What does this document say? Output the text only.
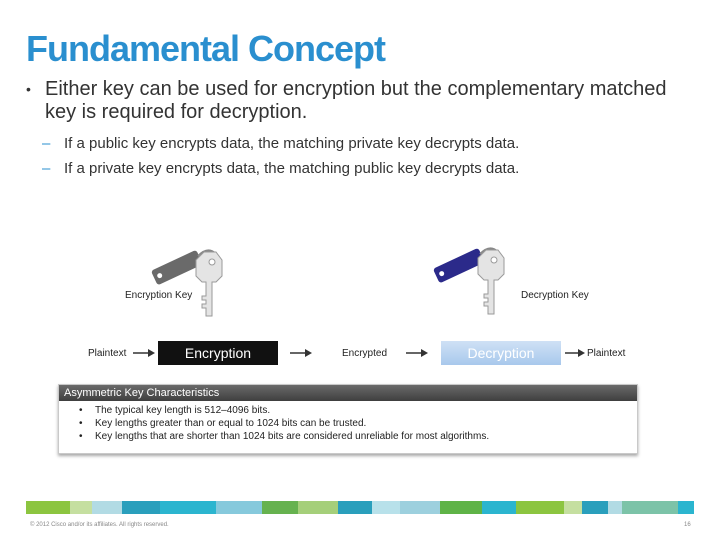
Fundamental Concept
• Either key can be used for encryption but the complementary matched key is required for decryption.
– If a public key encrypts data, the matching private key decrypts data.
– If a private key encrypts data, the matching public key decrypts data.
Encryption Key	Decryption Key
Plaintext	Encryption	Encrypted	Decryption	Plaintext
Asymmetric Key Characteristics
• The typical key length is 512–4096 bits.
• Key lengths greater than or equal to 1024 bits can be trusted.
• Key lengths that are shorter than 1024 bits are considered unreliable for most algorithms.
© 2012 Cisco and/or its affiliates. All rights reserved.	16
